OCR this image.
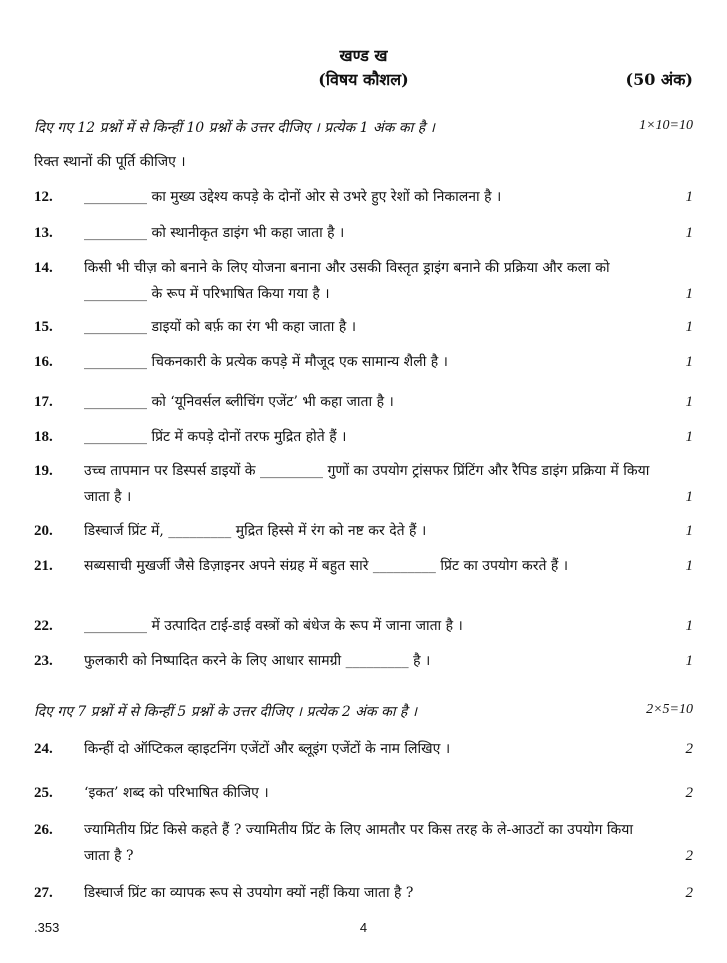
खण्ड ख
(विषय कौशल)	(50 अंक)
दिए गए 12 प्रश्नों में से किन्हीं 10 प्रश्नों के उत्तर दीजिए । प्रत्येक 1 अंक का है ।	1×10=10
रिक्त स्थानों की पूर्ति कीजिए ।
12. _________ का मुख्य उद्देश्य कपड़े के दोनों ओर से उभरे हुए रेशों को निकालना है ।	1
13. _________ को स्थानीकृत डाइंग भी कहा जाता है ।	1
14. किसी भी चीज़ को बनाने के लिए योजना बनाना और उसकी विस्तृत ड्राइंग बनाने की प्रक्रिया और कला को _________ के रूप में परिभाषित किया गया है ।	1
15. _________ डाइयों को बर्फ़ का रंग भी कहा जाता है ।	1
16. _________ चिकनकारी के प्रत्येक कपड़े में मौजूद एक सामान्य शैली है ।	1
17. _________ को ‘यूनिवर्सल ब्लीचिंग एजेंट’ भी कहा जाता है ।	1
18. _________ प्रिंट में कपड़े दोनों तरफ मुद्रित होते हैं ।	1
19. उच्च तापमान पर डिस्पर्स डाइयों के _________ गुणों का उपयोग ट्रांसफर प्रिंटिंग और रैपिड डाइंग प्रक्रिया में किया जाता है ।	1
20. डिस्चार्ज प्रिंट में, _________ मुद्रित हिस्से में रंग को नष्ट कर देते हैं ।	1
21. सब्यसाची मुखर्जी जैसे डिज़ाइनर अपने संग्रह में बहुत सारे _________ प्रिंट का उपयोग करते हैं ।	1
22. _________ में उत्पादित टाई-डाई वस्त्रों को बंधेज के रूप में जाना जाता है ।	1
23. फुलकारी को निष्पादित करने के लिए आधार सामग्री _________ है ।	1
दिए गए 7 प्रश्नों में से किन्हीं 5 प्रश्नों के उत्तर दीजिए । प्रत्येक 2 अंक का है ।	2×5=10
24. किन्हीं दो ऑप्टिकल व्हाइटनिंग एजेंटों और ब्लूइंग एजेंटों के नाम लिखिए ।	2
25. ‘इकत’ शब्द को परिभाषित कीजिए ।	2
26. ज्यामितीय प्रिंट किसे कहते हैं ? ज्यामितीय प्रिंट के लिए आमतौर पर किस तरह के ले-आउटों का उपयोग किया जाता है ?	2
27. डिस्चार्ज प्रिंट का व्यापक रूप से उपयोग क्यों नहीं किया जाता है ?	2
.353	4
